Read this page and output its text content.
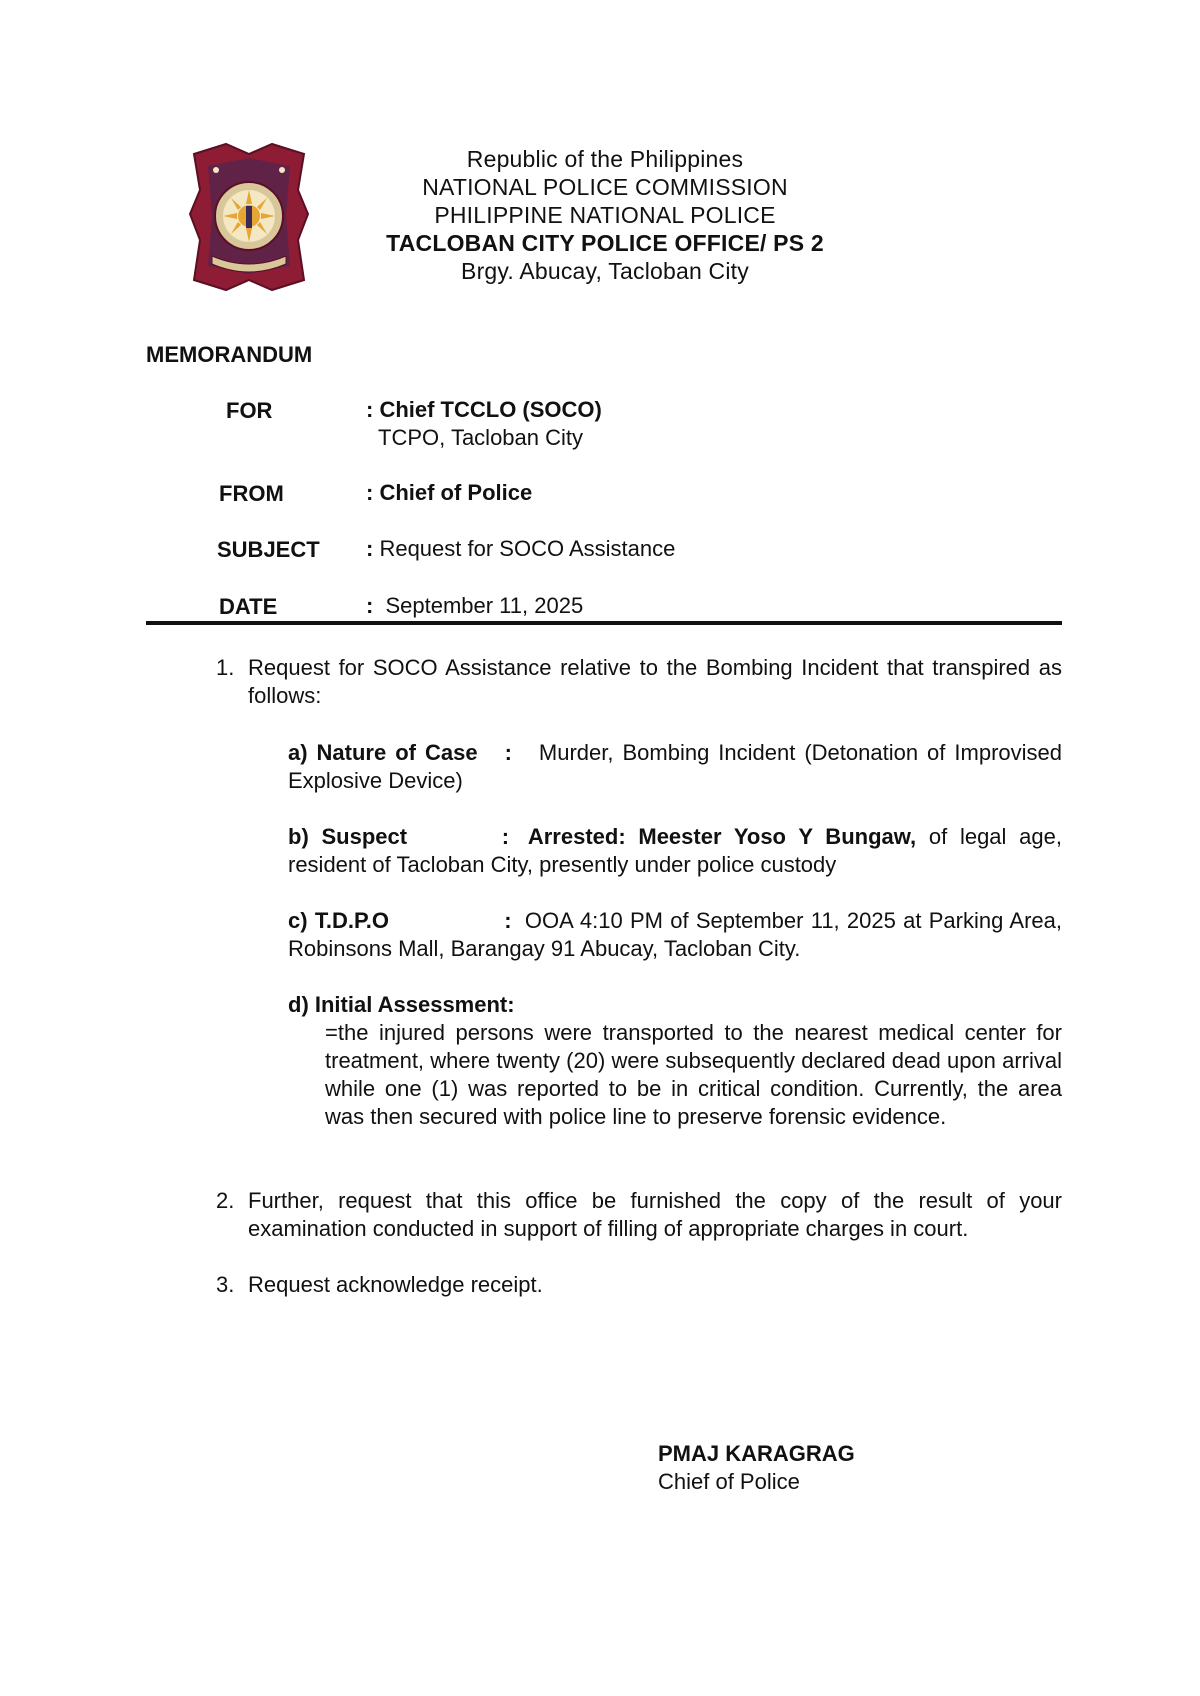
Republic of the Philippines
NATIONAL POLICE COMMISSION
PHILIPPINE NATIONAL POLICE
TACLOBAN CITY POLICE OFFICE/ PS 2
Brgy. Abucay, Tacloban City
MEMORANDUM
FOR	: Chief TCCLO (SOCO)
TCPO, Tacloban City
FROM	: Chief of Police
SUBJECT : Request for SOCO Assistance
DATE	: September 11, 2025
1. Request for SOCO Assistance relative to the Bombing Incident that transpired as follows:
a) Nature of Case : Murder, Bombing Incident (Detonation of Improvised Explosive Device)
b) Suspect	: Arrested: Meester Yoso Y Bungaw, of legal age, resident of Tacloban City, presently under police custody
c) T.D.P.O	: OOA 4:10 PM of September 11, 2025 at Parking Area, Robinsons Mall, Barangay 91 Abucay, Tacloban City.
d) Initial Assessment:
=the injured persons were transported to the nearest medical center for treatment, where twenty (20) were subsequently declared dead upon arrival while one (1) was reported to be in critical condition. Currently, the area was then secured with police line to preserve forensic evidence.
2. Further, request that this office be furnished the copy of the result of your examination conducted in support of filling of appropriate charges in court.
3. Request acknowledge receipt.
PMAJ KARAGRAG
Chief of Police
